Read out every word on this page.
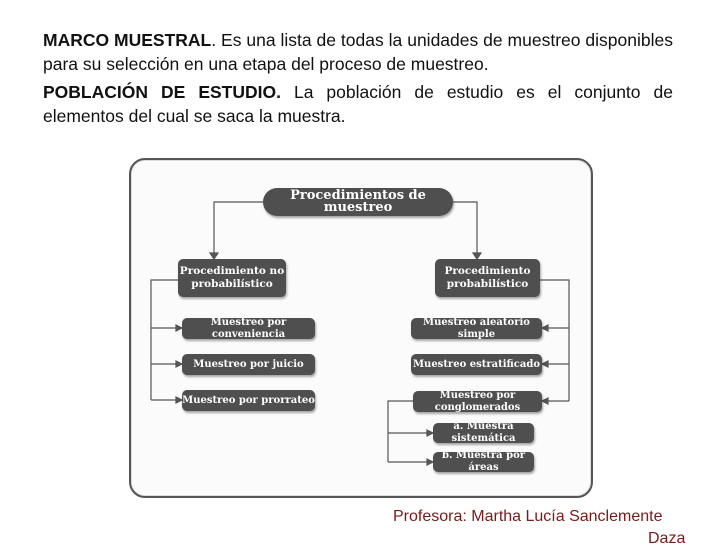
MARCO MUESTRAL. Es una lista de todas la unidades de muestreo disponibles para su selección en una etapa del proceso de muestreo.
POBLACIÓN DE ESTUDIO. La población de estudio es el conjunto de elementos del cual se saca la muestra.
Procedimientos de muestreo
Procedimiento no probabilístico
Procedimiento probabilístico
Muestreo por conveniencia
Muestreo por juicio
Muestreo por prorrateo
Muestreo aleatorio simple
Muestreo estratificado
Muestreo por conglomerados
a. Muestra sistemática
b. Muestra por áreas
Profesora: Martha Lucía Sanclemente
Daza
